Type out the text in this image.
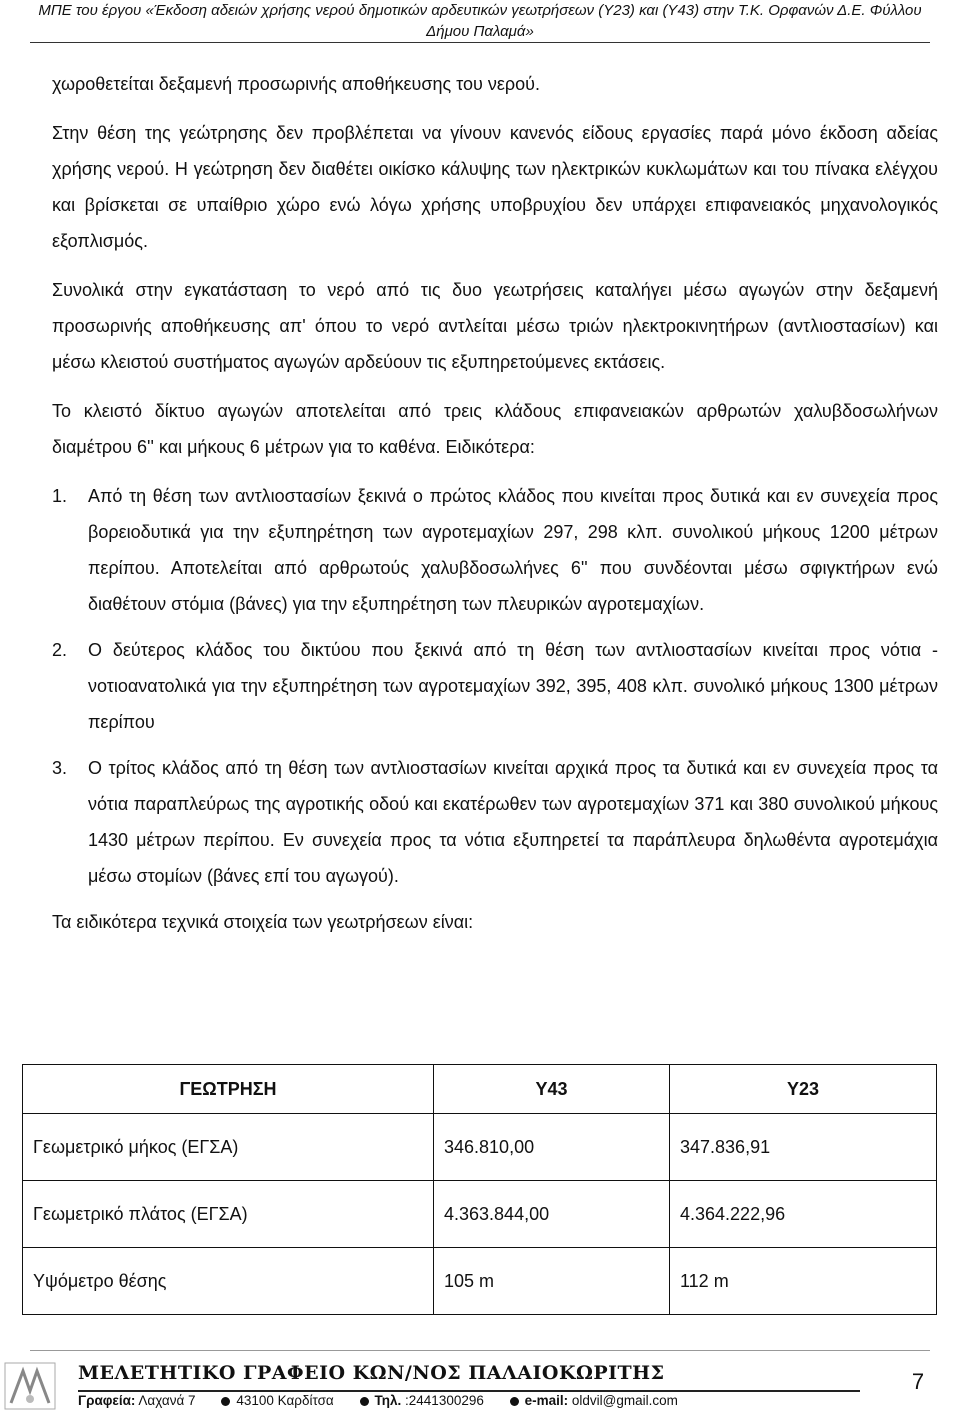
ΜΠΕ του έργου «Έκδοση αδειών χρήσης νερού δημοτικών αρδευτικών γεωτρήσεων (Υ23) και (Υ43) στην Τ.Κ. Ορφανών Δ.Ε. Φύλλου Δήμου Παλαμά»

χωροθετείται δεξαμενή προσωρινής αποθήκευσης του νερού.

Στην θέση της γεώτρησης δεν προβλέπεται να γίνουν κανενός είδους εργασίες παρά μόνο έκδοση αδείας χρήσης νερού. Η γεώτρηση δεν διαθέτει οικίσκο κάλυψης των ηλεκτρικών κυκλωμάτων και του πίνακα ελέγχου και βρίσκεται σε υπαίθριο χώρο ενώ λόγω χρήσης υποβρυχίου δεν υπάρχει επιφανειακός μηχανολογικός εξοπλισμός.

Συνολικά στην εγκατάσταση το νερό από τις δυο γεωτρήσεις καταλήγει μέσω αγωγών στην δεξαμενή προσωρινής αποθήκευσης απ' όπου το νερό αντλείται μέσω τριών ηλεκτροκινητήρων (αντλιοστασίων) και μέσω κλειστού συστήματος αγωγών αρδεύουν τις εξυπηρετούμενες εκτάσεις.

Το κλειστό δίκτυο αγωγών αποτελείται από τρεις κλάδους επιφανειακών αρθρωτών χαλυβδοσωλήνων διαμέτρου 6'' και μήκους 6 μέτρων για το καθένα. Ειδικότερα:

1.	Από τη θέση των αντλιοστασίων ξεκινά ο πρώτος κλάδος που κινείται προς δυτικά και εν συνεχεία προς βορειοδυτικά για την εξυπηρέτηση των αγροτεμαχίων 297, 298 κλπ. συνολικού μήκους 1200 μέτρων περίπου. Αποτελείται από αρθρωτούς χαλυβδοσωλήνες 6'' που συνδέονται μέσω σφιγκτήρων ενώ διαθέτουν στόμια (βάνες) για την εξυπηρέτηση των πλευρικών αγροτεμαχίων.
2.	Ο δεύτερος κλάδος του δικτύου που ξεκινά από τη θέση των αντλιοστασίων κινείται προς νότια - νοτιοανατολικά για την εξυπηρέτηση των αγροτεμαχίων 392, 395, 408 κλπ. συνολικό μήκους 1300 μέτρων περίπου
3.	Ο τρίτος κλάδος από τη θέση των αντλιοστασίων κινείται αρχικά προς τα δυτικά και εν συνεχεία προς τα νότια παραπλεύρως της αγροτικής οδού και εκατέρωθεν των αγροτεμαχίων 371 και 380 συνολικού μήκους 1430 μέτρων περίπου. Εν συνεχεία προς τα νότια εξυπηρετεί τα παράπλευρα δηλωθέντα αγροτεμάχια μέσω στομίων (βάνες επί του αγωγού).

Τα ειδικότερα τεχνικά στοιχεία των γεωτρήσεων είναι:

ΓΕΩΤΡΗΣΗ	Υ43	Υ23
Γεωμετρικό μήκος (ΕΓΣΑ)	346.810,00	347.836,91
Γεωμετρικό πλάτος (ΕΓΣΑ)	4.363.844,00	4.364.222,96
Υψόμετρο θέσης	105 m	112 m
ΜΕΛΕΤΗΤΙΚΟ ΓΡΑΦΕΙΟ ΚΩΝ/ΝΟΣ ΠΑΛΑΙΟΚΩΡΙΤΗΣ
Γραφεία: Λαχανά 7	43100 Καρδίτσα	Τηλ. :2441300296	e-mail: oldvil@gmail.com
7
